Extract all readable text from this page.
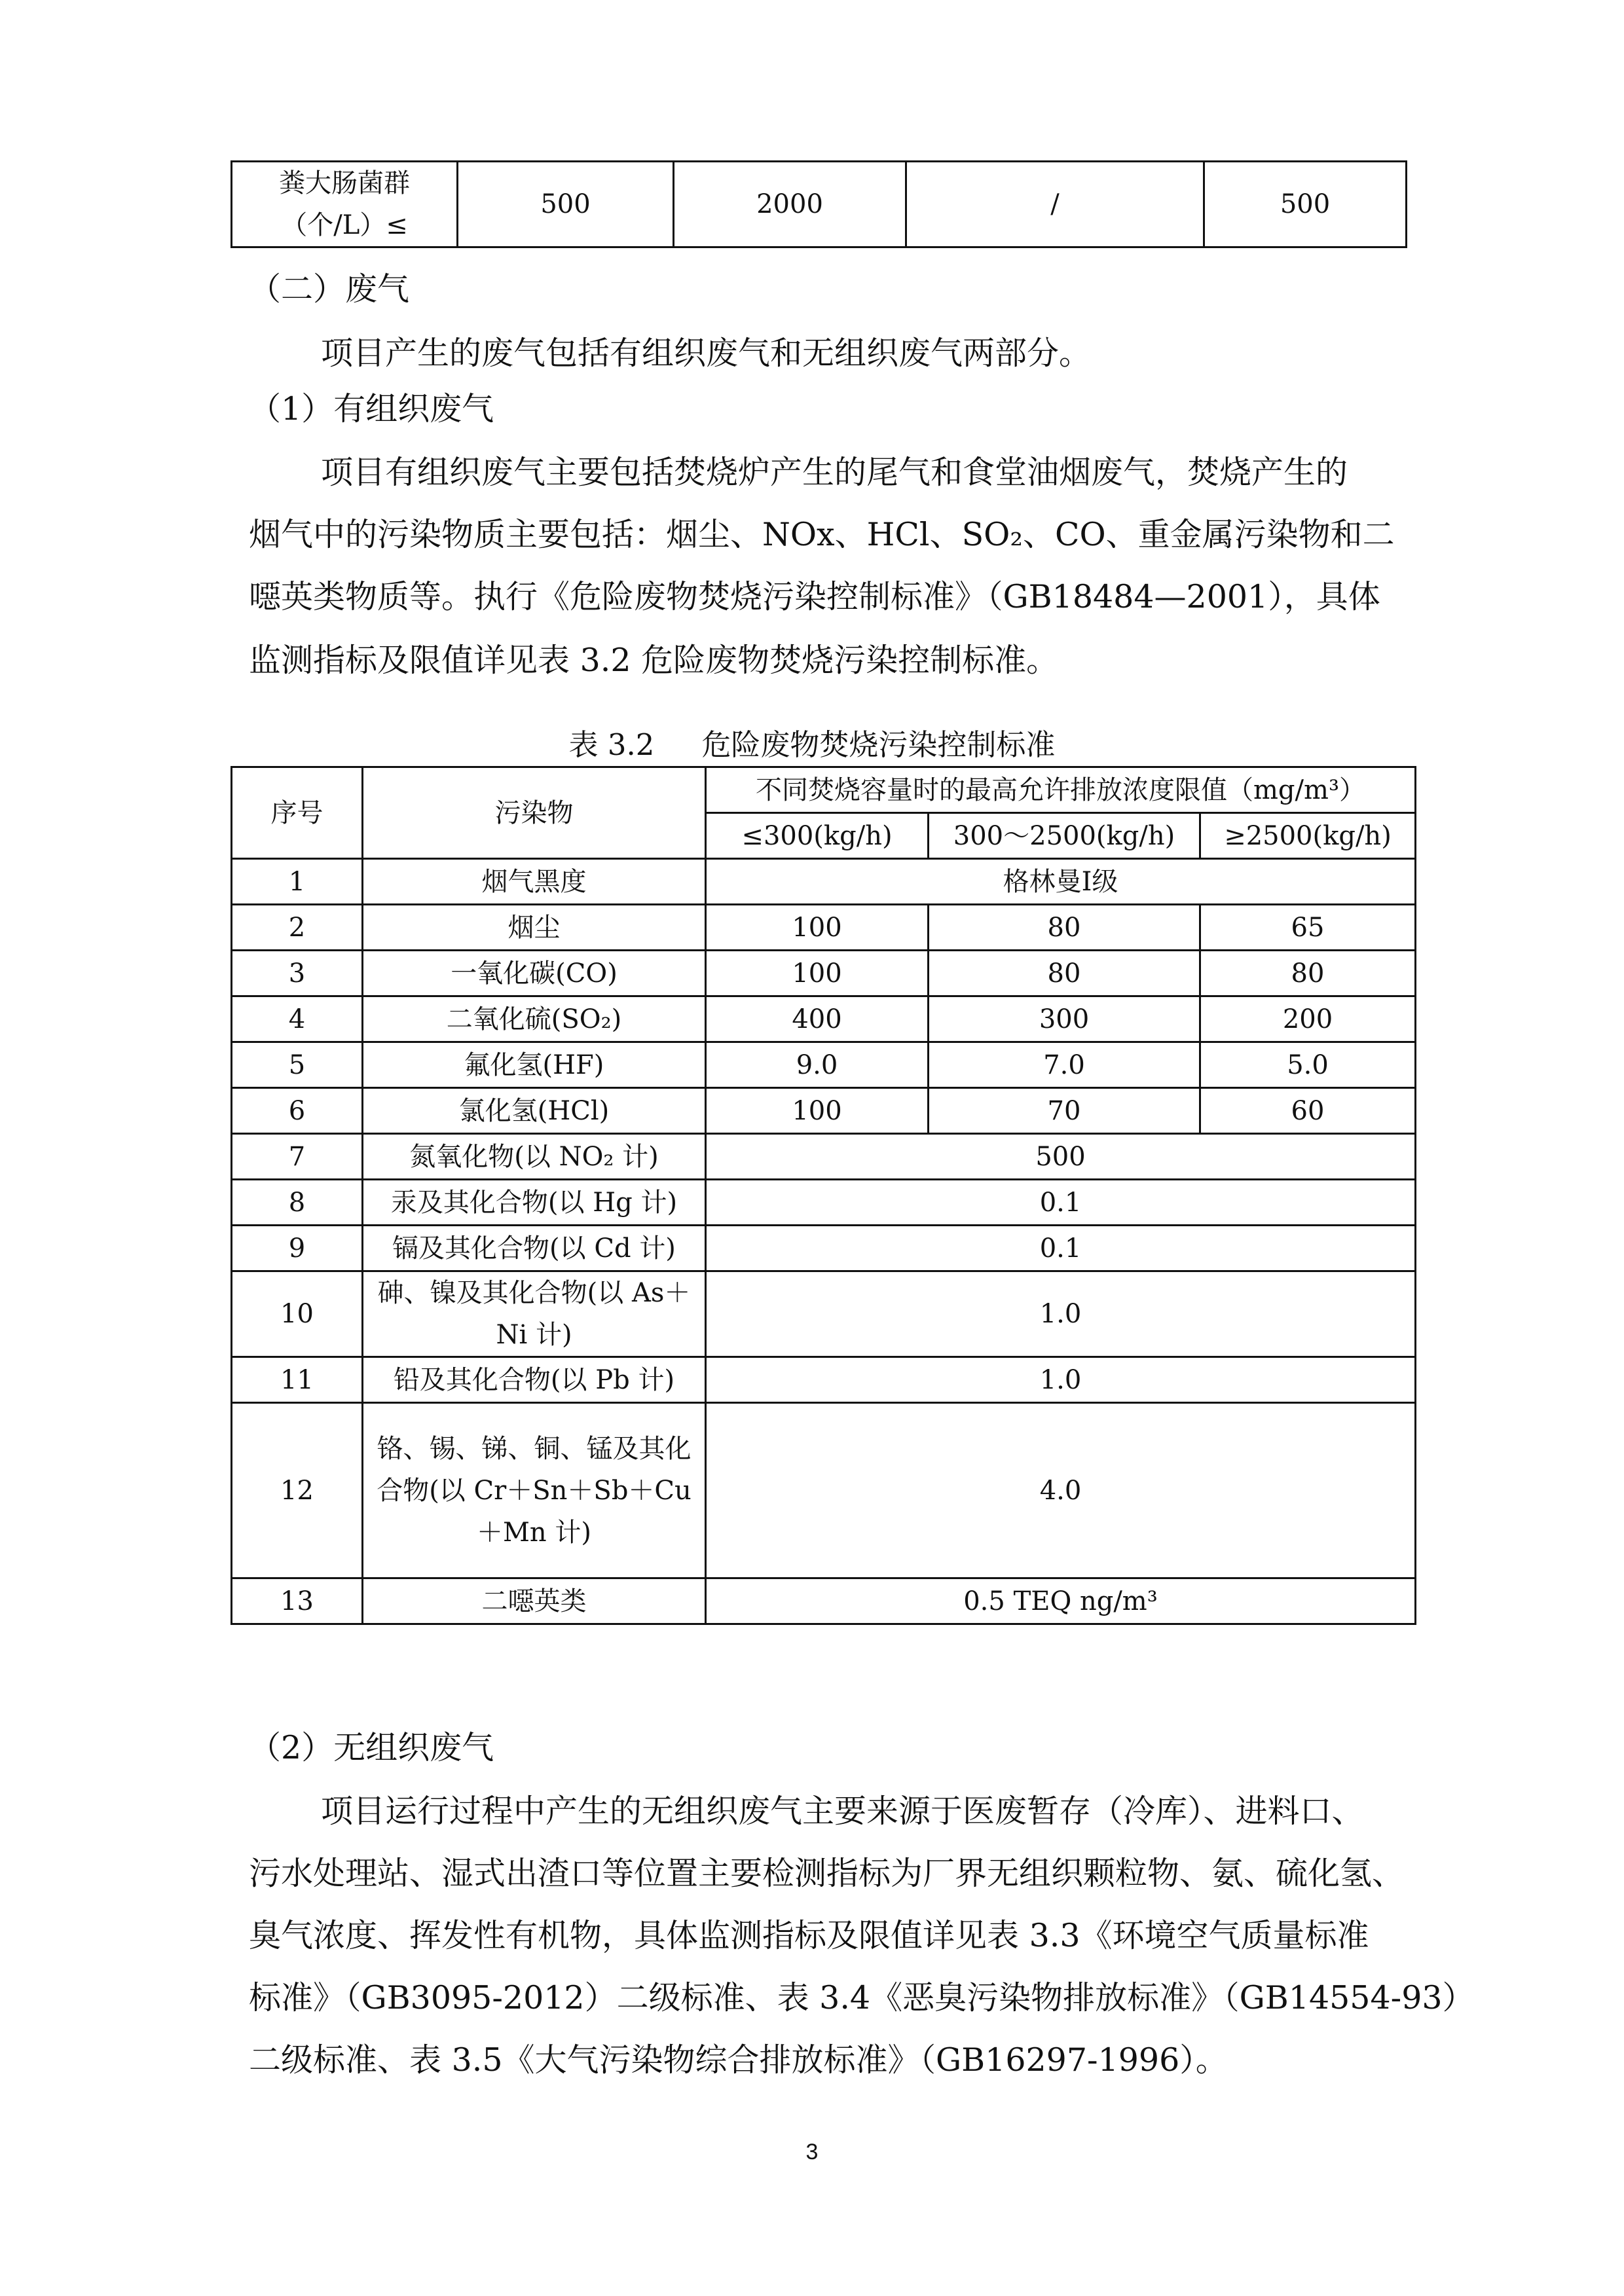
粪大肠菌群（个/L）≤	500	2000	/	500
（二）废气
项目产生的废气包括有组织废气和无组织废气两部分。
（1）有组织废气
项目有组织废气主要包括焚烧炉产生的尾气和食堂油烟废气，焚烧产生的
烟气中的污染物质主要包括：烟尘、NOx、HCl、SO₂、CO、重金属污染物和二
噁英类物质等。执行《危险废物焚烧污染控制标准》（GB18484—2001），具体
监测指标及限值详见表 3.2 危险废物焚烧污染控制标准。
表 3.2 危险废物焚烧污染控制标准
序号	污染物	不同焚烧容量时的最高允许排放浓度限值（mg/m³）		
		≤300(kg/h)	300～2500(kg/h)	≥2500(kg/h)
1	烟气黑度	格林曼I级		
2	烟尘	100	80	65
3	一氧化碳(CO)	100	80	80
4	二氧化硫(SO₂)	400	300	200
5	氟化氢(HF)	9.0	7.0	5.0
6	氯化氢(HCl)	100	70	60
7	氮氧化物(以 NO₂ 计)	500		
8	汞及其化合物(以 Hg 计)	0.1		
9	镉及其化合物(以 Cd 计)	0.1		
10	砷、镍及其化合物(以 As＋Ni 计)	1.0		
11	铅及其化合物(以 Pb 计)	1.0		
12	铬、锡、锑、铜、锰及其化合物(以 Cr＋Sn＋Sb＋Cu＋Mn 计)	4.0		
13	二噁英类	0.5 TEQ ng/m³		
（2）无组织废气
项目运行过程中产生的无组织废气主要来源于医废暂存（冷库）、进料口、
污水处理站、湿式出渣口等位置主要检测指标为厂界无组织颗粒物、氨、硫化氢、
臭气浓度、挥发性有机物，具体监测指标及限值详见表 3.3《环境空气质量标准
标准》（GB3095-2012）二级标准、表 3.4《恶臭污染物排放标准》（GB14554-93）
二级标准、表 3.5《大气污染物综合排放标准》（GB16297-1996）。
3
